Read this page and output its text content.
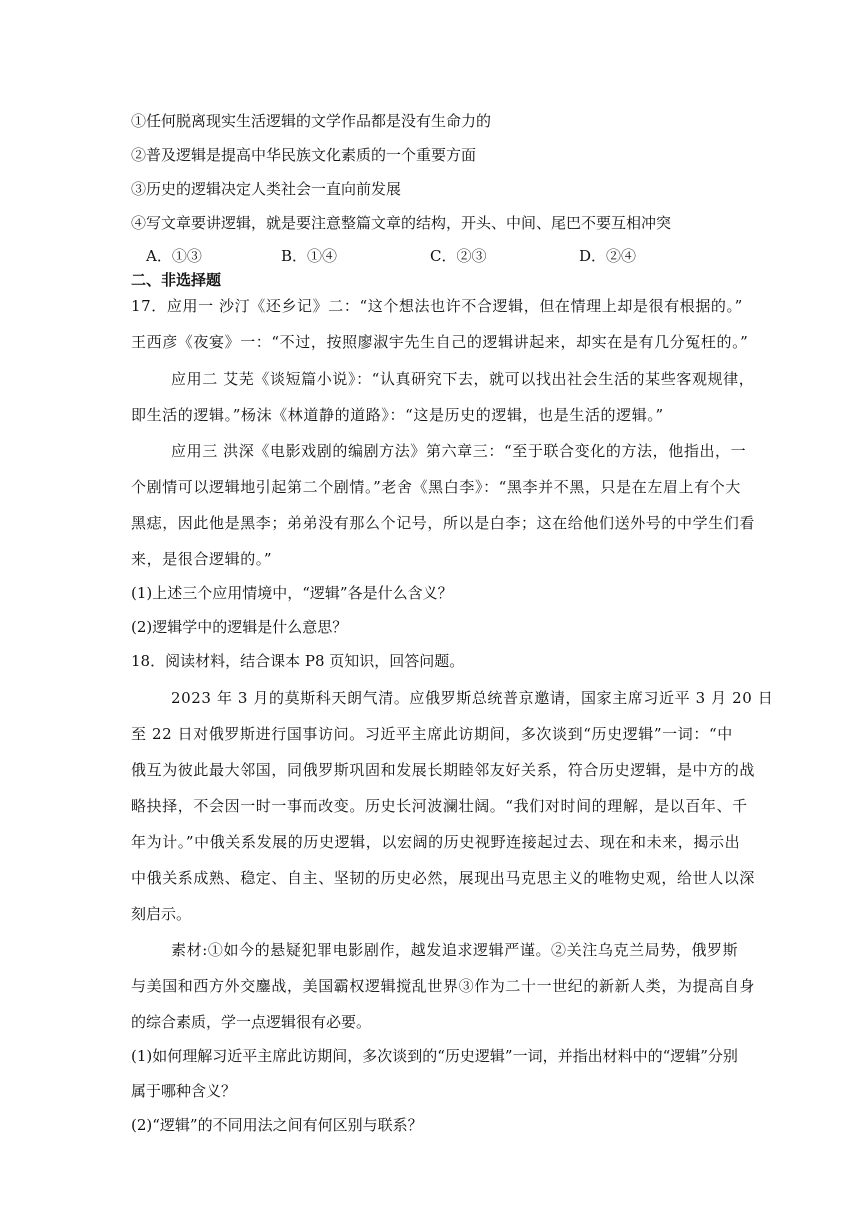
①任何脱离现实生活逻辑的文学作品都是没有生命力的
②普及逻辑是提高中华民族文化素质的一个重要方面
③历史的逻辑决定人类社会一直向前发展
④写文章要讲逻辑，就是要注意整篇文章的结构，开头、中间、尾巴不要互相冲突
A．①③	B．①④	C．②③	D．②④
二、非选择题
17．应用一 沙汀《还乡记》二：“这个想法也许不合逻辑，但在情理上却是很有根据的。”
王西彦《夜宴》一：“不过，按照廖淑宇先生自己的逻辑讲起来，却实在是有几分冤枉的。”
应用二 艾芜《谈短篇小说》：“认真研究下去，就可以找出社会生活的某些客观规律，
即生活的逻辑。”杨沫《林道静的道路》：“这是历史的逻辑，也是生活的逻辑。”
应用三 洪深《电影戏剧的编剧方法》第六章三：“至于联合变化的方法，他指出，一
个剧情可以逻辑地引起第二个剧情。”老舍《黑白李》：“黑李并不黑，只是在左眉上有个大
黑痣，因此他是黑李；弟弟没有那么个记号，所以是白李；这在给他们送外号的中学生们看
来，是很合逻辑的。”
(1)上述三个应用情境中，“逻辑”各是什么含义？
(2)逻辑学中的逻辑是什么意思？
18．阅读材料，结合课本 P8 页知识，回答问题。
2023 年 3 月的莫斯科天朗气清。应俄罗斯总统普京邀请，国家主席习近平 3 月 20 日
至 22 日对俄罗斯进行国事访问。习近平主席此访期间，多次谈到“历史逻辑”一词：“中
俄互为彼此最大邻国，同俄罗斯巩固和发展长期睦邻友好关系，符合历史逻辑，是中方的战
略抉择，不会因一时一事而改变。历史长河波澜壮阔。“我们对时间的理解，是以百年、千
年为计。”中俄关系发展的历史逻辑，以宏阔的历史视野连接起过去、现在和未来，揭示出
中俄关系成熟、稳定、自主、坚韧的历史必然，展现出马克思主义的唯物史观，给世人以深
刻启示。
素材:①如今的悬疑犯罪电影剧作，越发追求逻辑严谨。②关注乌克兰局势，俄罗斯
与美国和西方外交鏖战，美国霸权逻辑搅乱世界③作为二十一世纪的新新人类，为提高自身
的综合素质，学一点逻辑很有必要。
(1)如何理解习近平主席此访期间，多次谈到的“历史逻辑”一词，并指出材料中的“逻辑”分别
属于哪种含义？
(2)“逻辑”的不同用法之间有何区别与联系？
